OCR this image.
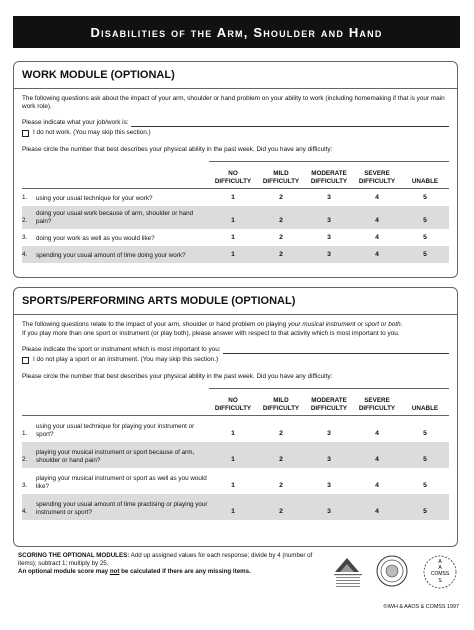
Disabilities of the Arm, Shoulder and Hand
WORK MODULE (OPTIONAL)

The following questions ask about the impact of your arm, shoulder or hand problem on your ability to work (including homemaking if that is your main work role).

Please indicate what your job/work is:
I do not work. (You may skip this section.)

Please circle the number that best describes your physical ability in the past week. Did you have any difficulty:

		NO DIFFICULTY	MILD DIFFICULTY	MODERATE DIFFICULTY	SEVERE DIFFICULTY	UNABLE
1.	using your usual technique for your work?	1	2	3	4	5
2.	doing your usual work because of arm, shoulder or hand pain?	1	2	3	4	5
3.	doing your work as well as you would like?	1	2	3	4	5
4.	spending your usual amount of time doing your work?	1	2	3	4	5
SPORTS/PERFORMING ARTS MODULE (OPTIONAL)

The following questions relate to the impact of your arm, shoulder or hand problem on playing your musical instrument or sport or both.

If you play more than one sport or instrument (or play both), please answer with respect to that activity which is most important to you.

Please indicate the sport or instrument which is most important to you:
I do not play a sport or an instrument. (You may skip this section.)

Please circle the number that best describes your physical ability in the past week. Did you have any difficulty:

		NO DIFFICULTY	MILD DIFFICULTY	MODERATE DIFFICULTY	SEVERE DIFFICULTY	UNABLE
1.	using your usual technique for playing your instrument or sport?	1	2	3	4	5
2.	playing your musical instrument or sport because of arm, shoulder or hand pain?	1	2	3	4	5
3.	playing your musical instrument or sport as well as you would like?	1	2	3	4	5
4.	spending your usual amount of time practising or playing your instrument or sport?	1	2	3	4	5
SCORING THE OPTIONAL MODULES: Add up assigned values for each response; divide by 4 (number of items); subtract 1; multiply by 25.
An optional module score may not be calculated if there are any missing items.
A
A
COMSS
S
©IWH & AAOS & COMSS 1997
